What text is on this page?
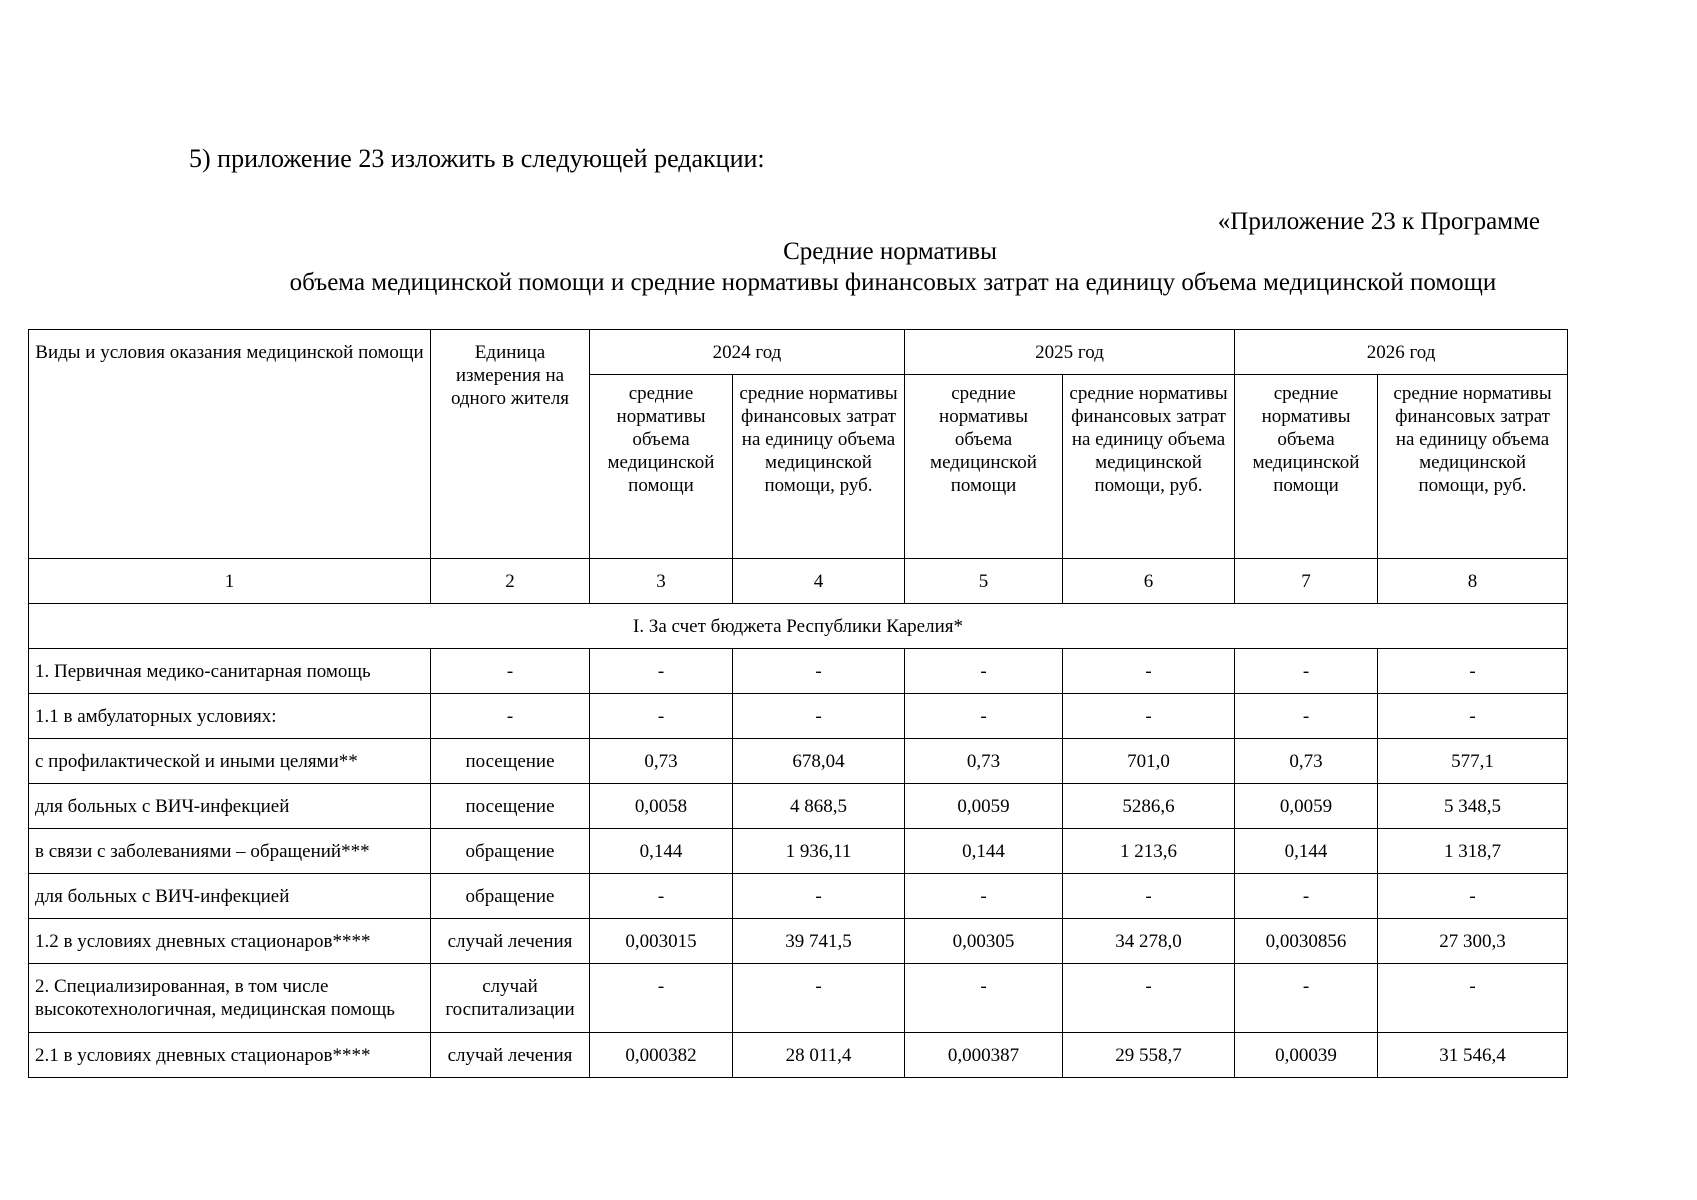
5) приложение 23 изложить в следующей редакции:
«Приложение 23 к Программе
Средние нормативы
объема медицинской помощи и средние нормативы финансовых затрат на единицу объема медицинской помощи
Виды и условия оказания медицинской помощи	Единица измерения на одного жителя	2024 год		2025 год		2026 год	
		средние нормативы объема медицинской помощи	средние нормативы финансовых затрат на единицу объема медицинской помощи, руб.	средние нормативы объема медицинской помощи	средние нормативы финансовых затрат на единицу объема медицинской помощи, руб.	средние нормативы объема медицинской помощи	средние нормативы финансовых затрат на единицу объема медицинской помощи, руб.
1	2	3	4	5	6	7	8
I. За счет бюджета Республики Карелия*							
1. Первичная медико-санитарная помощь	-	-	-	-	-	-	-
1.1 в амбулаторных условиях:	-	-	-	-	-	-	-
с профилактической и иными целями**	посещение	0,73	678,04	0,73	701,0	0,73	577,1
для больных с ВИЧ-инфекцией	посещение	0,0058	4 868,5	0,0059	5286,6	0,0059	5 348,5
в связи с заболеваниями – обращений***	обращение	0,144	1 936,11	0,144	1 213,6	0,144	1 318,7
для больных с ВИЧ-инфекцией	обращение	-	-	-	-	-	-
1.2 в условиях дневных стационаров****	случай лечения	0,003015	39 741,5	0,00305	34 278,0	0,0030856	27 300,3
2. Специализированная, в том числе высокотехнологичная, медицинская помощь	случай госпитализации	-	-	-	-	-	-
2.1 в условиях дневных стационаров****	случай лечения	0,000382	28 011,4	0,000387	29 558,7	0,00039	31 546,4
